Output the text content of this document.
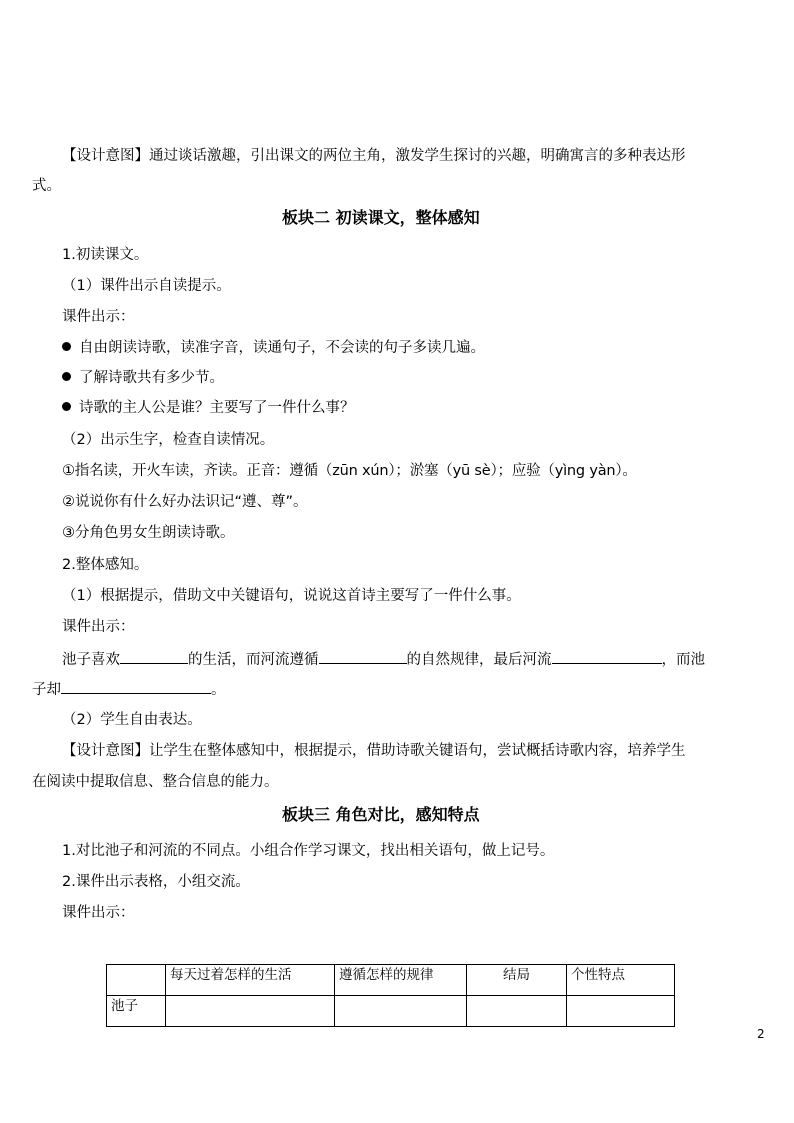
【设计意图】通过谈话激趣，引出课文的两位主角，激发学生探讨的兴趣，明确寓言的多种表达形
式。
板块二 初读课文，整体感知
1.初读课文。
（1）课件出示自读提示。
课件出示：
自由朗读诗歌，读准字音，读通句子，不会读的句子多读几遍。
了解诗歌共有多少节。
诗歌的主人公是谁？主要写了一件什么事？
（2）出示生字，检查自读情况。
①指名读，开火车读，齐读。正音：遵循（zūn xún）；淤塞（yū sè）；应验（yìng yàn）。
②说说你有什么好办法识记“遵、尊”。
③分角色男女生朗读诗歌。
2.整体感知。
（1）根据提示，借助文中关键语句，说说这首诗主要写了一件什么事。
课件出示：
池子喜欢	的生活，而河流遵循	的自然规律，最后河流	，而池
子却	。
（2）学生自由表达。
【设计意图】让学生在整体感知中，根据提示，借助诗歌关键语句，尝试概括诗歌内容，培养学生
在阅读中提取信息、整合信息的能力。
板块三 角色对比，感知特点
1.对比池子和河流的不同点。小组合作学习课文，找出相关语句，做上记号。
2.课件出示表格，小组交流。
课件出示：
	每天过着怎样的生活	遵循怎样的规律	结局	个性特点
池子				
2
